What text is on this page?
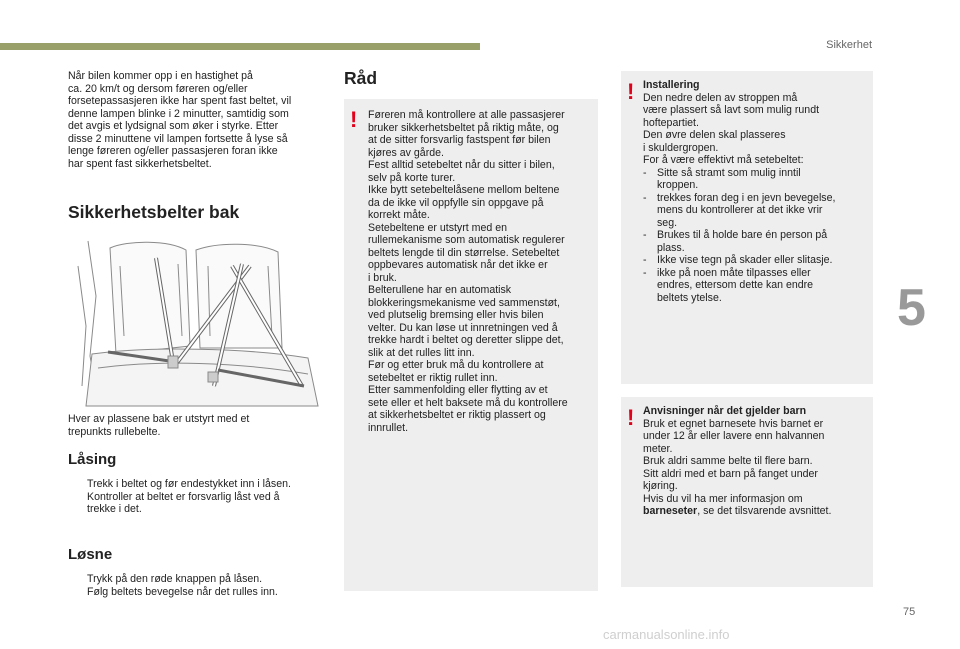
Sikkerhet
5
75
carmanualsonline.info
Når bilen kommer opp i en hastighet på
ca. 20 km/t og dersom føreren og/eller
forsetepassasjeren ikke har spent fast beltet, vil
denne lampen blinke i 2 minutter, samtidig som
det avgis et lydsignal som øker i styrke. Etter
disse 2 minuttene vil lampen fortsette å lyse så
lenge føreren og/eller passasjeren foran ikke
har spent fast sikkerhetsbeltet.
Sikkerhetsbelter bak
Hver av plassene bak er utstyrt med et
trepunkts rullebelte.
Låsing
Trekk i beltet og før endestykket inn i låsen.
Kontroller at beltet er forsvarlig låst ved å
trekke i det.
Løsne
Trykk på den røde knappen på låsen.
Følg beltets bevegelse når det rulles inn.
Råd
! Føreren må kontrollere at alle passasjerer
bruker sikkerhetsbeltet på riktig måte, og
at de sitter forsvarlig fastspent før bilen
kjøres av gårde.
Fest alltid setebeltet når du sitter i bilen,
selv på korte turer.
Ikke bytt setebeltelåsene mellom beltene
da de ikke vil oppfylle sin oppgave på
korrekt måte.
Setebeltene er utstyrt med en
rullemekanisme som automatisk regulerer
beltets lengde til din størrelse. Setebeltet
oppbevares automatisk når det ikke er
i bruk.
Belterullene har en automatisk
blokkeringsmekanisme ved sammenstøt,
ved plutselig bremsing eller hvis bilen
velter. Du kan løse ut innretningen ved å
trekke hardt i beltet og deretter slippe det,
slik at det rulles litt inn.
Før og etter bruk må du kontrollere at
setebeltet er riktig rullet inn.
Etter sammenfolding eller flytting av et
sete eller et helt baksete må du kontrollere
at sikkerhetsbeltet er riktig plassert og
innrullet.
! Installering
Den nedre delen av stroppen må
være plassert så lavt som mulig rundt
hoftepartiet.
Den øvre delen skal plasseres
i skuldergropen.
For å være effektivt må setebeltet:
- Sitte så stramt som mulig inntil
kroppen.
- trekkes foran deg i en jevn bevegelse,
mens du kontrollerer at det ikke vrir
seg.
- Brukes til å holde bare én person på
plass.
- Ikke vise tegn på skader eller slitasje.
- ikke på noen måte tilpasses eller
endres, ettersom dette kan endre
beltets ytelse.
! Anvisninger når det gjelder barn
Bruk et egnet barnesete hvis barnet er
under 12 år eller lavere enn halvannen
meter.
Bruk aldri samme belte til flere barn.
Sitt aldri med et barn på fanget under
kjøring.
Hvis du vil ha mer informasjon om
barneseter, se det tilsvarende avsnittet.
